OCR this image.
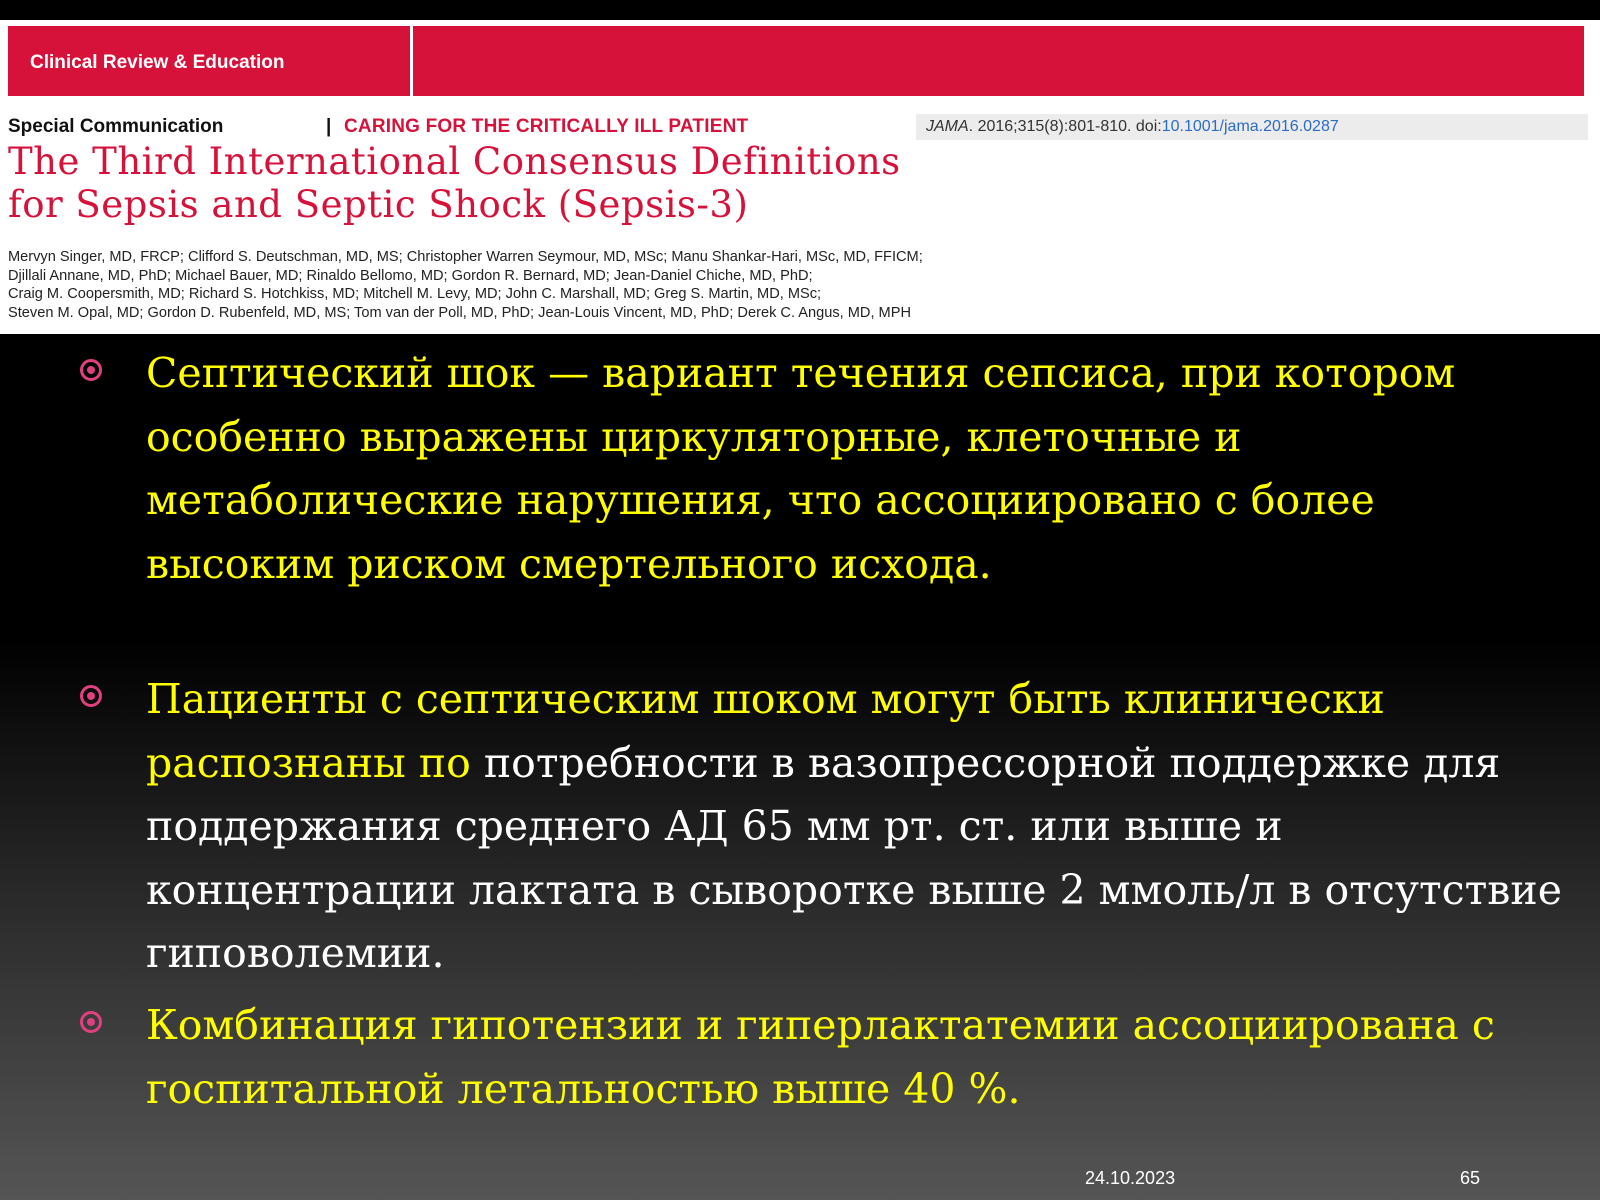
Clinical Review & Education
Special Communication	| CARING FOR THE CRITICALLY ILL PATIENT	JAMA. 2016;315(8):801-810. doi:10.1001/jama.2016.0287
The Third International Consensus Definitions
for Sepsis and Septic Shock (Sepsis-3)
Mervyn Singer, MD, FRCP; Clifford S. Deutschman, MD, MS; Christopher Warren Seymour, MD, MSc; Manu Shankar-Hari, MSc, MD, FFICM;
Djillali Annane, MD, PhD; Michael Bauer, MD; Rinaldo Bellomo, MD; Gordon R. Bernard, MD; Jean-Daniel Chiche, MD, PhD;
Craig M. Coopersmith, MD; Richard S. Hotchkiss, MD; Mitchell M. Levy, MD; John C. Marshall, MD; Greg S. Martin, MD, MSc;
Steven M. Opal, MD; Gordon D. Rubenfeld, MD, MS; Tom van der Poll, MD, PhD; Jean-Louis Vincent, MD, PhD; Derek C. Angus, MD, MPH
Септический шок — вариант течения сепсиса, при котором особенно выражены циркуляторные, клеточные и метаболические нарушения, что ассоциировано с более высоким риском смертельного исхода.
Пациенты с септическим шоком могут быть клинически распознаны по потребности в вазопрессорной поддержке для поддержания среднего АД 65 мм рт. ст. или выше и концентрации лактата в сыворотке выше 2 ммоль/л в отсутствие гиповолемии.
Комбинация гипотензии и гиперлактатемии ассоциирована с госпитальной летальностью выше 40 %.
24.10.2023	65
